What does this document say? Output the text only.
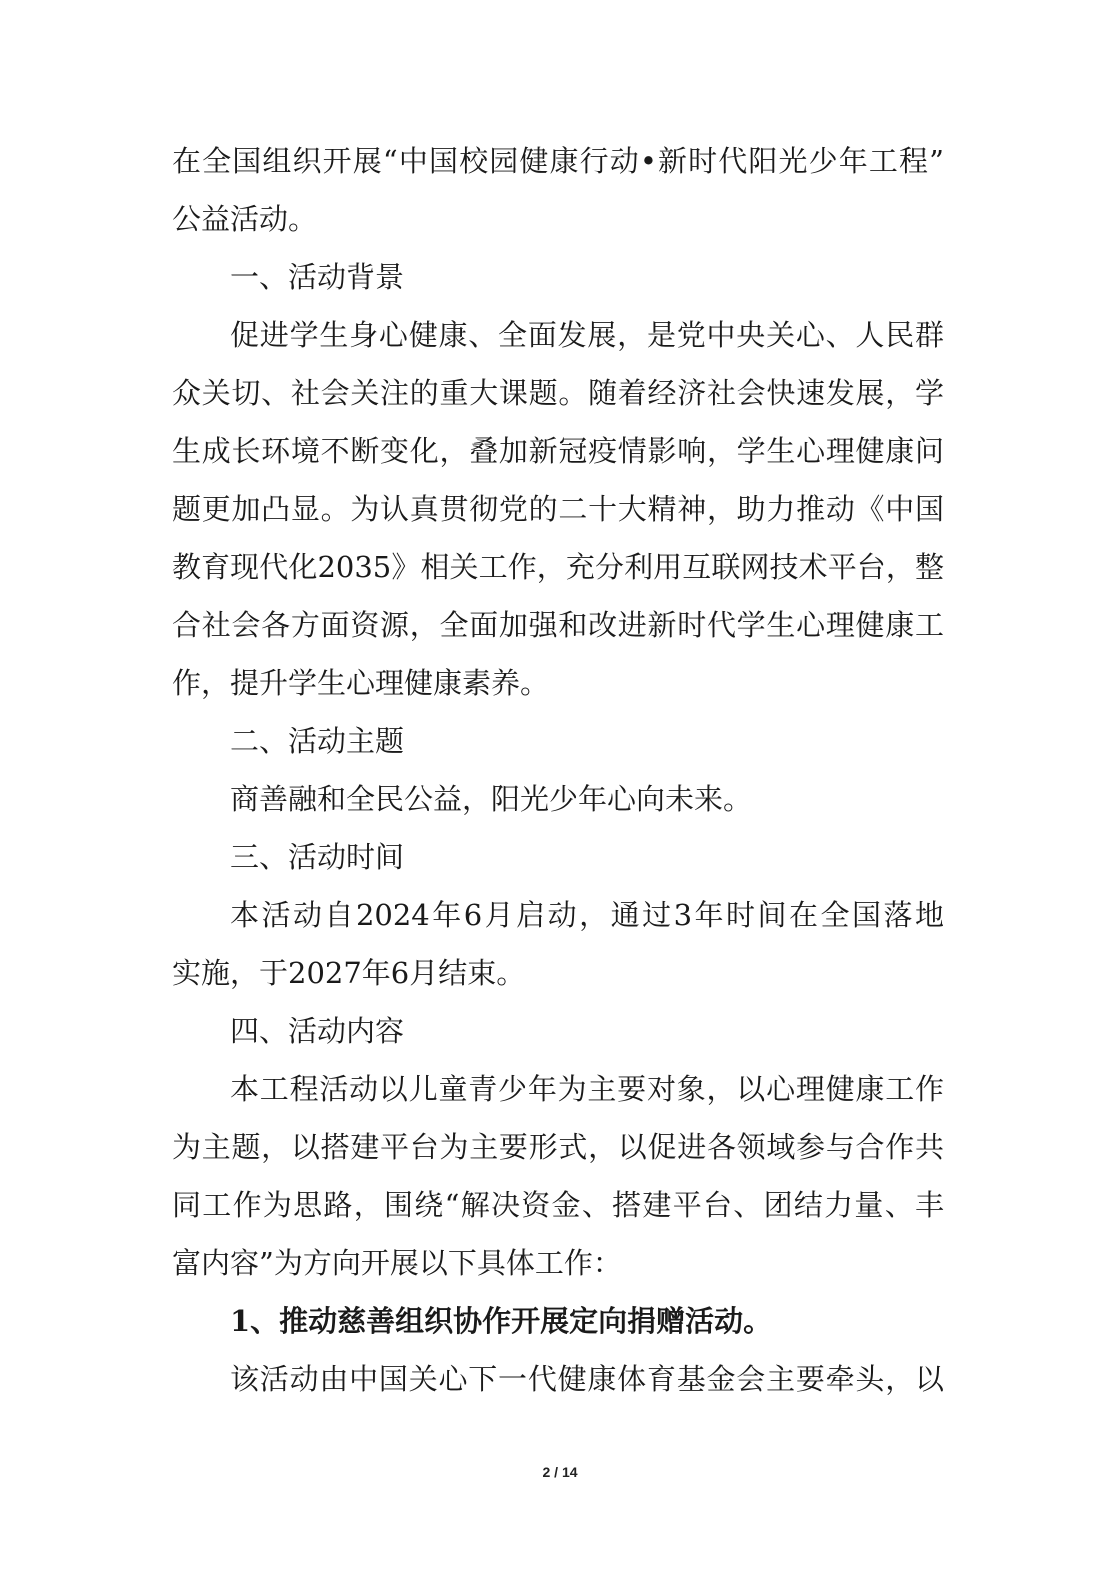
在全国组织开展“中国校园健康行动•新时代阳光少年工程”
公益活动。
一、活动背景
促进学生身心健康、全面发展，是党中央关心、人民群
众关切、社会关注的重大课题。随着经济社会快速发展，学
生成长环境不断变化，叠加新冠疫情影响，学生心理健康问
题更加凸显。为认真贯彻党的二十大精神，助力推动《中国
教育现代化2035》相关工作，充分利用互联网技术平台，整
合社会各方面资源，全面加强和改进新时代学生心理健康工
作，提升学生心理健康素养。
二、活动主题
商善融和全民公益，阳光少年心向未来。
三、活动时间
本活动自2024年6月启动，通过3年时间在全国落地
实施，于2027年6月结束。
四、活动内容
本工程活动以儿童青少年为主要对象，以心理健康工作
为主题，以搭建平台为主要形式，以促进各领域参与合作共
同工作为思路，围绕“解决资金、搭建平台、团结力量、丰
富内容”为方向开展以下具体工作：
1、推动慈善组织协作开展定向捐赠活动。
该活动由中国关心下一代健康体育基金会主要牵头，以
2 / 14
